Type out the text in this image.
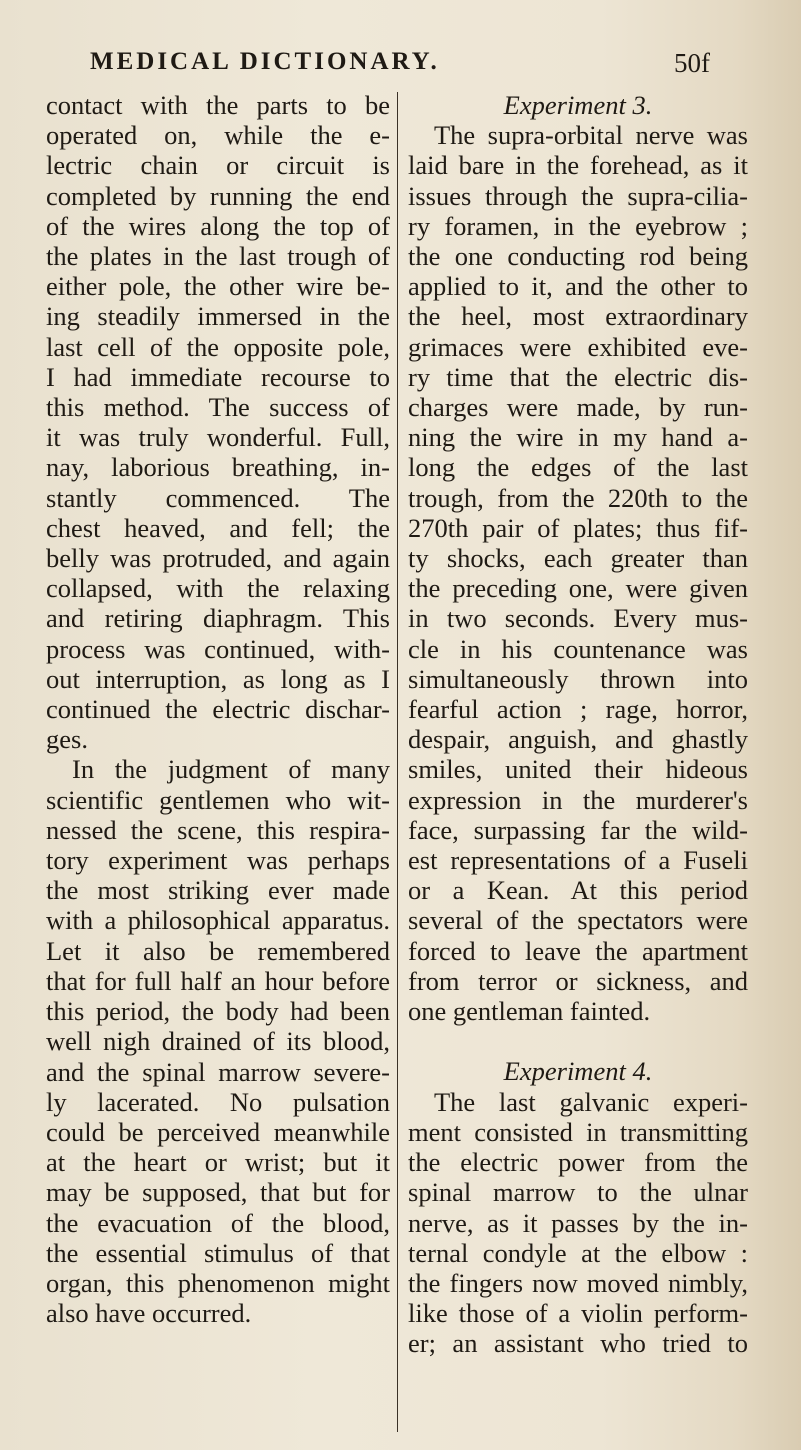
MEDICAL DICTIONARY.	50f
contact with the parts to be
operated on, while the e-
lectric chain or circuit is
completed by running the end
of the wires along the top of
the plates in the last trough of
either pole, the other wire be-
ing steadily immersed in the
last cell of the opposite pole,
I had immediate recourse to
this method. The success of
it was truly wonderful. Full,
nay, laborious breathing, in-
stantly commenced. The
chest heaved, and fell; the
belly was protruded, and again
collapsed, with the relaxing
and retiring diaphragm. This
process was continued, with-
out interruption, as long as I
continued the electric dischar-
ges.
In the judgment of many
scientific gentlemen who wit-
nessed the scene, this respira-
tory experiment was perhaps
the most striking ever made
with a philosophical apparatus.
Let it also be remembered
that for full half an hour before
this period, the body had been
well nigh drained of its blood,
and the spinal marrow severe-
ly lacerated. No pulsation
could be perceived meanwhile
at the heart or wrist; but it
may be supposed, that but for
the evacuation of the blood,
the essential stimulus of that
organ, this phenomenon might
also have occurred.
Experiment 3.
The supra-orbital nerve was
laid bare in the forehead, as it
issues through the supra-cilia-
ry foramen, in the eyebrow ;
the one conducting rod being
applied to it, and the other to
the heel, most extraordinary
grimaces were exhibited eve-
ry time that the electric dis-
charges were made, by run-
ning the wire in my hand a-
long the edges of the last
trough, from the 220th to the
270th pair of plates; thus fif-
ty shocks, each greater than
the preceding one, were given
in two seconds. Every mus-
cle in his countenance was
simultaneously thrown into
fearful action ; rage, horror,
despair, anguish, and ghastly
smiles, united their hideous
expression in the murderer's
face, surpassing far the wild-
est representations of a Fuseli
or a Kean. At this period
several of the spectators were
forced to leave the apartment
from terror or sickness, and
one gentleman fainted.
Experiment 4.
The last galvanic experi-
ment consisted in transmitting
the electric power from the
spinal marrow to the ulnar
nerve, as it passes by the in-
ternal condyle at the elbow :
the fingers now moved nimbly,
like those of a violin perform-
er; an assistant who tried to
